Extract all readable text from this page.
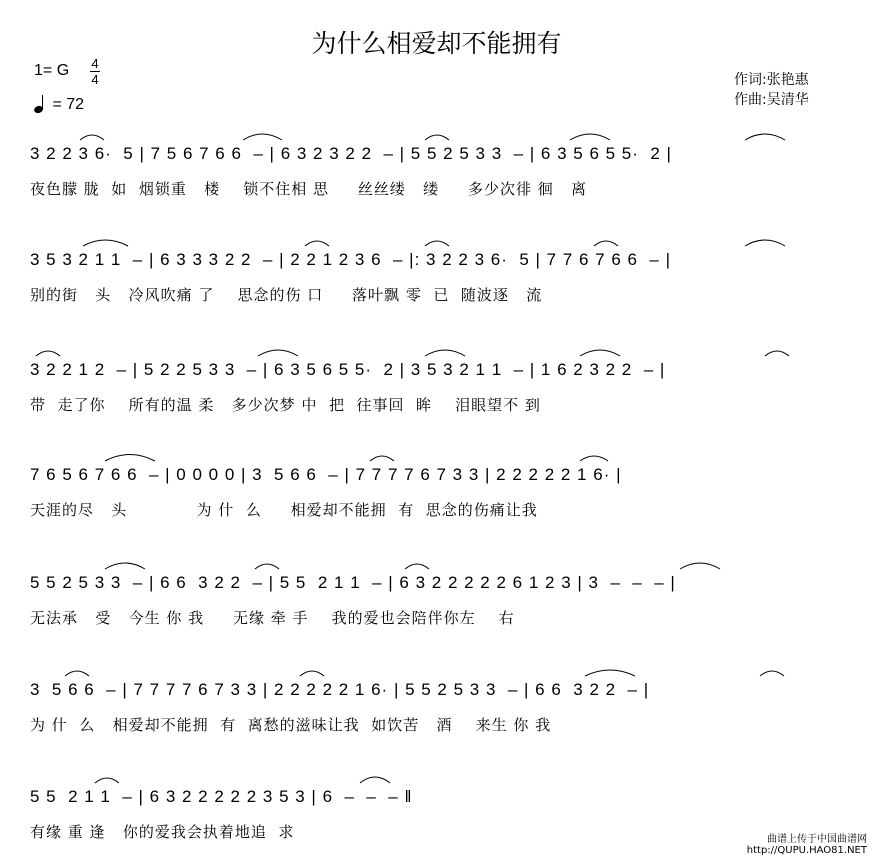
为什么相爱却不能拥有
1= G 4
4
= 72
作词:张艳惠
作曲:吴清华
3 2 2 3 6·  5 | 7 5 6 7 6 6  – | 6 3 2 3 2 2  – | 5 5 2 5 3 3  – | 6 3 5 6 5 5·  2 |
夜色朦 胧  如  烟锁重   楼    锁不住相 思     丝丝缕   缕     多少次徘 徊   离
3 5 3 2 1 1  – | 6 3 3 3 2 2  – | 2 2 1 2 3 6  – |: 3 2 2 3 6·  5 | 7 7 6 7 6 6  – |
别的街   头   冷风吹痛 了    思念的伤 口     落叶飘 零  已  随波逐   流
3 2 2 1 2  – | 5 2 2 5 3 3  – | 6 3 5 6 5 5·  2 | 3 5 3 2 1 1  – | 1 6 2 3 2 2  – |
带  走了你    所有的温 柔   多少次梦 中  把  往事回  眸    泪眼望不 到
7 6 5 6 7 6 6  – | 0 0 0 0 | 3  5 6 6  – | 7 7 7 7 6 7 3 3 | 2 2 2 2 2 1 6· |
天涯的尽   头            为 什  么     相爱却不能拥  有  思念的伤痛让我
5 5 2 5 3 3  – | 6 6  3 2 2  – | 5 5  2 1 1  – | 6 3 2 2 2 2 2 6 1 2 3 | 3  –  –  – |
无法承   受   今生 你 我     无缘 牵 手    我的爱也会陪伴你左    右
3  5 6 6  – | 7 7 7 7 6 7 3 3 | 2 2 2 2 2 1 6· | 5 5 2 5 3 3  – | 6 6  3 2 2  – |
为 什  么   相爱却不能拥  有  离愁的滋味让我  如饮苦   酒    来生 你 我
5 5  2 1 1  – | 6 3 2 2 2 2 2 3 5 3 | 6  –  –  – ‖
有缘 重 逢   你的爱我会执着地追  求	曲谱上传于中国曲谱网
http://QUPU.HAO81.NET
